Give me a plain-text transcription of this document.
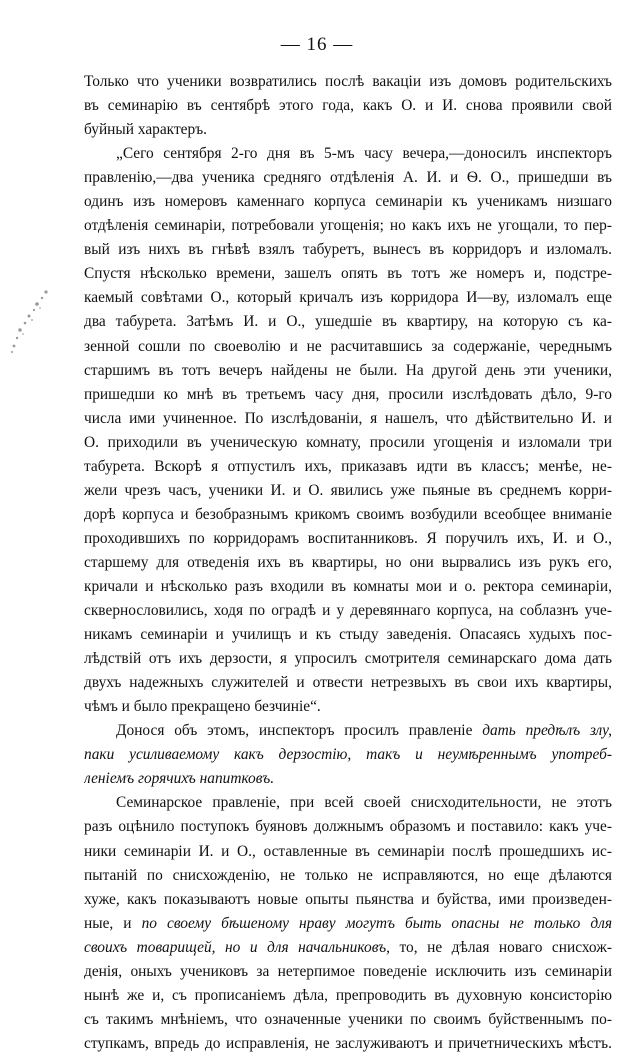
— 16 —
Только что ученики возвратились послѣ вакаціи изъ домовъ родительскихъ
въ семинарію въ сентябрѣ этого года, какъ О. и И. снова проявили свой
буйный характеръ.
„Сего сентября 2-го дня въ 5-мъ часу вечера,—доносилъ инспекторъ
правленію,—два ученика средняго отдѣленія А. И. и Ѳ. О., пришедши въ
одинъ изъ номеровъ каменнаго корпуса семинаріи къ ученикамъ низшаго
отдѣленія семинаріи, потребовали угощенія; но какъ ихъ не угощали, то пер-
вый изъ нихъ въ гнѣвѣ взялъ табуретъ, вынесъ въ корридоръ и изломалъ.
Спустя нѣсколько времени, зашелъ опять въ тотъ же номеръ и, подстре-
каемый совѣтами О., который кричалъ изъ корридора И—ву, изломалъ еще
два табурета. Затѣмъ И. и О., ушедшіе въ квартиру, на которую съ ка-
зенной сошли по своеволію и не расчитавшись за содержаніе, череднымъ
старшимъ въ тотъ вечеръ найдены не были. На другой день эти ученики,
пришедши ко мнѣ въ третьемъ часу дня, просили изслѣдовать дѣло, 9-го
числа ими учиненное. По изслѣдованіи, я нашелъ, что дѣйствительно И. и
О. приходили въ ученическую комнату, просили угощенія и изломали три
табурета. Вскорѣ я отпустилъ ихъ, приказавъ идти въ классъ; менѣе, не-
жели чрезъ часъ, ученики И. и О. явились уже пьяные въ среднемъ корри-
дорѣ корпуса и безобразнымъ крикомъ своимъ возбудили всеобщее вниманіе
проходившихъ по корридорамъ воспитанниковъ. Я поручилъ ихъ, И. и О.,
старшему для отведенія ихъ въ квартиры, но они вырвались изъ рукъ его,
кричали и нѣсколько разъ входили въ комнаты мои и о. ректора семинаріи,
сквернословились, ходя по оградѣ и у деревяннаго корпуса, на соблазнъ уче-
никамъ семинаріи и училищъ и къ стыду заведенія. Опасаясь худыхъ пос-
лѣдствій отъ ихъ дерзости, я упросилъ смотрителя семинарскаго дома дать
двухъ надежныхъ служителей и отвести нетрезвыхъ въ свои ихъ квартиры,
чѣмъ и было прекращено безчиніе“.
Донося объ этомъ, инспекторъ просилъ правленіе дать предѣлъ злу,
паки усиливаемому какъ дерзостію, такъ и неумѣреннымъ употреб-
леніемъ горячихъ напитковъ.
Семинарское правленіе, при всей своей снисходительности, не этотъ
разъ оцѣнило поступокъ буяновъ должнымъ образомъ и поставило: какъ уче-
ники семинаріи И. и О., оставленные въ семинаріи послѣ прошедшихъ ис-
пытаній по снисхожденію, не только не исправляются, но еще дѣлаются
хуже, какъ показываютъ новые опыты пьянства и буйства, ими произведен-
ные, и по своему бѣшеному нраву могутъ быть опасны не только для
своихъ товарищей, но и для начальниковъ, то, не дѣлая новаго снисхож-
денія, оныхъ учениковъ за нетерпимое поведеніе исключить изъ семинаріи
нынѣ же и, съ прописаніемъ дѣла, препроводить въ духовную консисторію
съ такимъ мнѣніемъ, что означенные ученики по своимъ буйственнымъ по-
ступкамъ, впредь до исправленія, не заслуживаютъ и причетническихъ мѣстъ.
